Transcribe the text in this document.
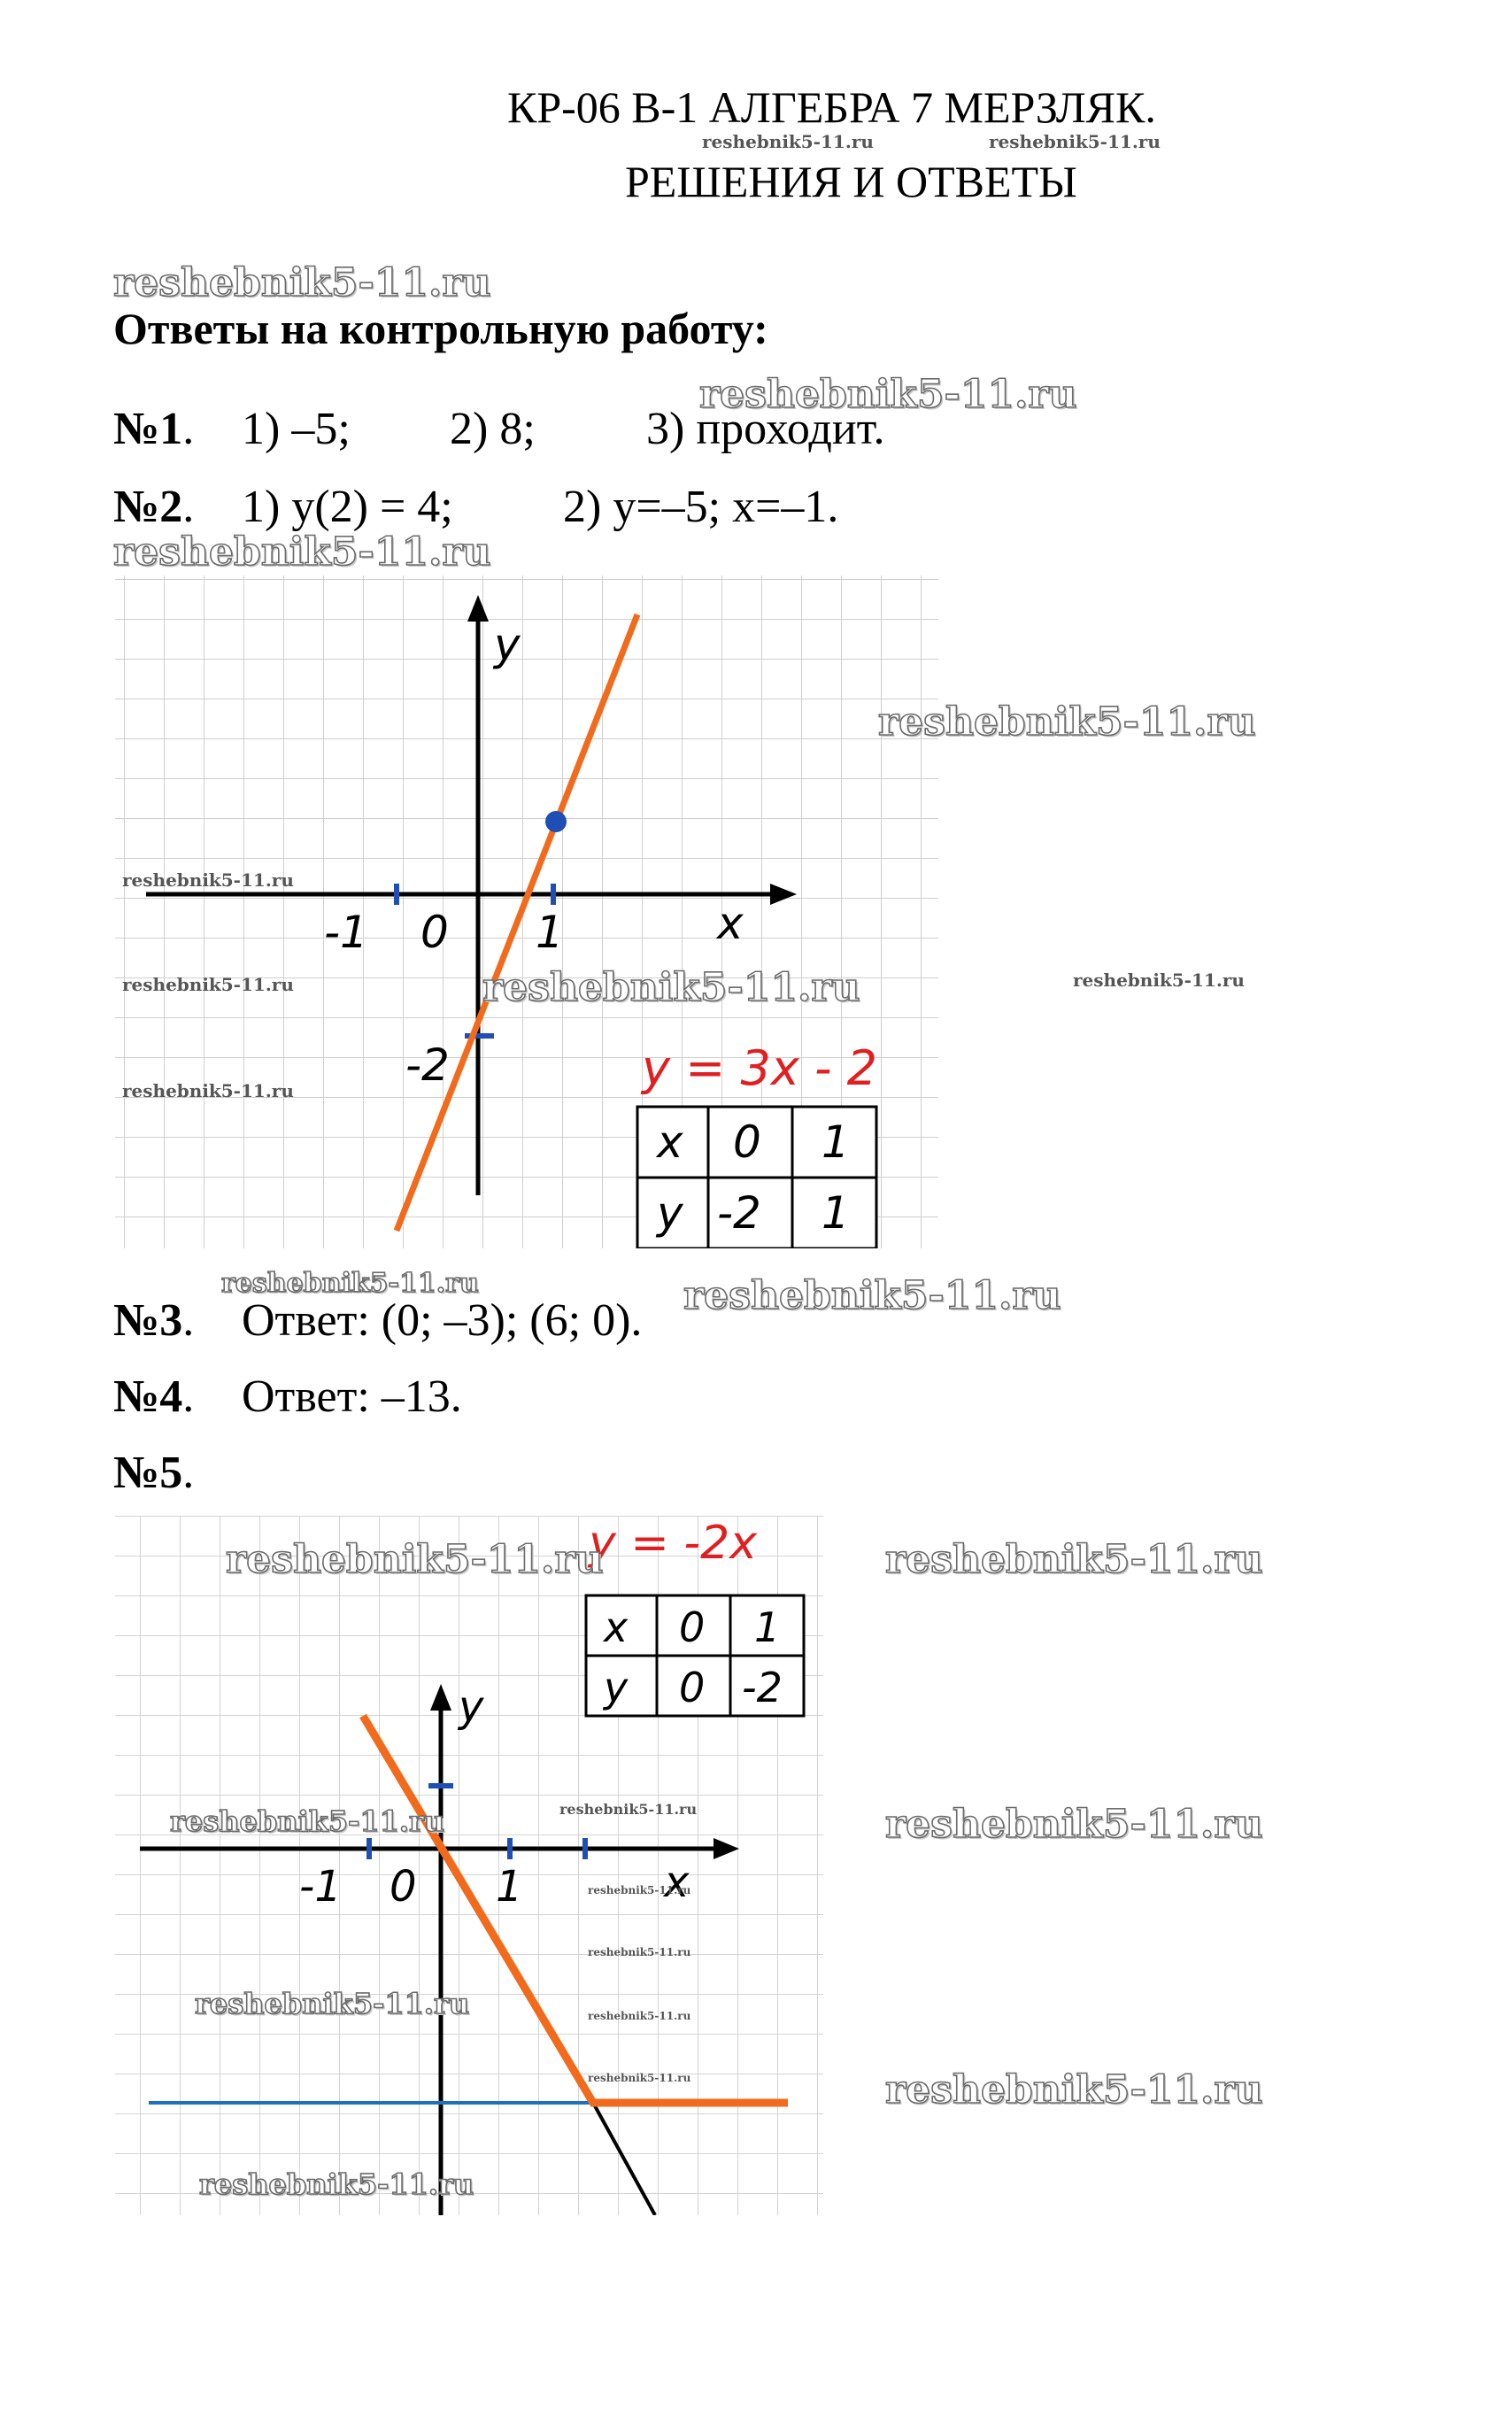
КР-06 В-1 АЛГЕБРА 7 МЕРЗЛЯК.
reshebnik5-11.ru	reshebnik5-11.ru
РЕШЕНИЯ И ОТВЕТЫ
reshebnik5-11.ru
Ответы на контрольную работу:
№1. 1) –5; 2) 8; 3) проходит.
reshebnik5-11.ru
№2. 1) y(2) = 4; 2) y=–5; x=–1.
reshebnik5-11.ru
y
x
-1 0 1
-2	y = 3x - 2
x 0 1
y -2 1
reshebnik5-11.ru
reshebnik5-11.ru
reshebnik5-11.ru
reshebnik5-11.ru
reshebnik5-11.ru
reshebnik5-11.ru
reshebnik5-11.ru
№3. Ответ: (0; –3); (6; 0). reshebnik5-11.ru
№4. Ответ: –13.
№5.
y
x
-1 0 1
y = -2x
x 0 1
y 0 -2
reshebnik5-11.ru	reshebnik5-11.ru
reshebnik5-11.ru	reshebnik5-11.ru	reshebnik5-11.ru
reshebnik5-11.ru
reshebnik5-11.ru
reshebnik5-11.ru
reshebnik5-11.ru
reshebnik5-11.ru
reshebnik5-11.ru
reshebnik5-11.ru
